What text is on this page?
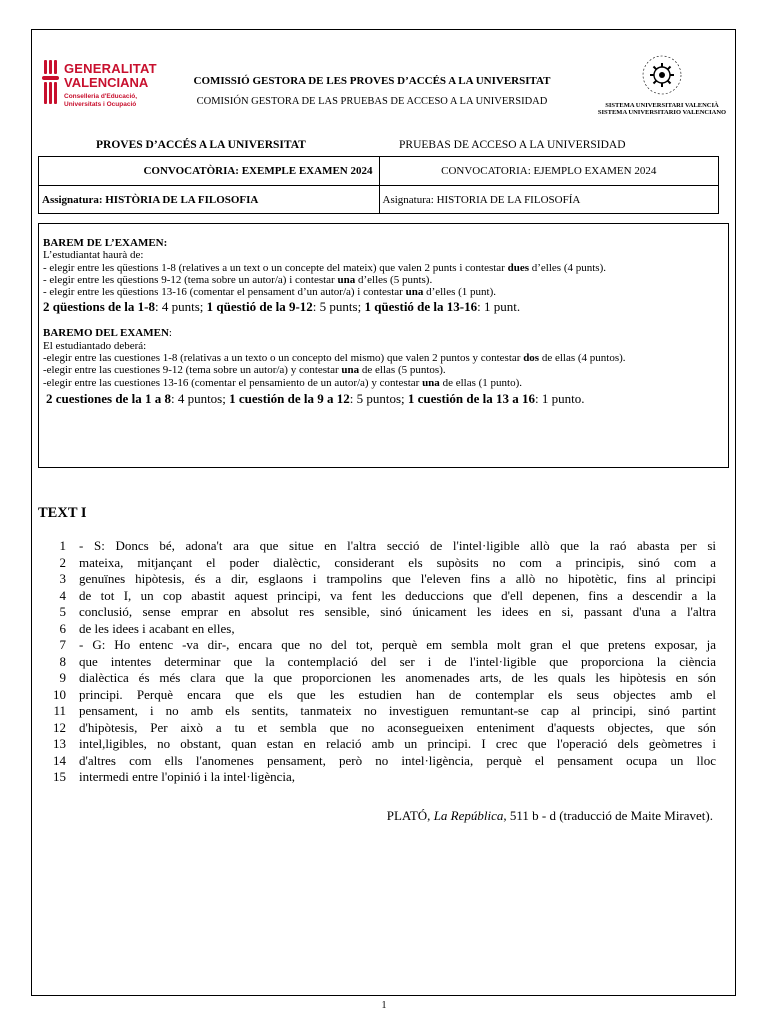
GENERALITAT
VALENCIANA
Conselleria d'Educació,
Universitats i Ocupació
COMISSIÓ GESTORA DE LES PROVES D’ACCÉS A LA UNIVERSITAT
COMISIÓN GESTORA DE LAS PRUEBAS DE ACCESO A LA UNIVERSIDAD	SISTEMA UNIVERSITARI VALENCIÀ
SISTEMA UNIVERSITARIO VALENCIANO
PROVES D’ACCÉS A LA UNIVERSITAT	PRUEBAS DE ACCESO A LA UNIVERSIDAD
CONVOCATÒRIA: EXEMPLE EXAMEN 2024	CONVOCATORIA: EJEMPLO EXAMEN 2024
Assignatura: HISTÒRIA DE LA FILOSOFIA	Asignatura: HISTORIA DE LA FILOSOFÍA
BAREM DE L’EXAMEN:
L’estudiantat haurà de:
- elegir entre les qüestions 1-8 (relatives a un text o un concepte del mateix) que valen 2 punts i contestar dues d’elles (4 punts).
- elegir entre les qüestions 9-12 (tema sobre un autor/a) i contestar una d’elles (5 punts).
- elegir entre les qüestions 13-16 (comentar el pensament d’un autor/a) i contestar una d’elles (1 punt).
2 qüestions de la 1-8: 4 punts; 1 qüestió de la 9-12: 5 punts; 1 qüestió de la 13-16: 1 punt.
BAREMO DEL EXAMEN:
El estudiantado deberá:
-elegir entre las cuestiones 1-8 (relativas a un texto o un concepto del mismo) que valen 2 puntos y contestar dos de ellas (4 puntos).
-elegir entre las cuestiones 9-12 (tema sobre un autor/a) y contestar una de ellas (5 puntos).
-elegir entre las cuestiones 13-16 (comentar el pensamiento de un autor/a) y contestar una de ellas (1 punto).
2 cuestiones de la 1 a 8: 4 puntos; 1 cuestión de la 9 a 12: 5 puntos; 1 cuestión de la 13 a 16: 1 punto.
TEXT I
1 - S: Doncs bé, adona't ara que situe en l'altra secció de l'intel·ligible allò que la raó abasta per si
2 mateixa, mitjançant el poder dialèctic, considerant els supòsits no com a principis, sinó com a
3 genuïnes hipòtesis, és a dir, esglaons i trampolins que l'eleven fins a allò no hipotètic, fins al principi
4 de tot I, un cop abastit aquest principi, va fent les deduccions que d'ell depenen, fins a descendir a la
5 conclusió, sense emprar en absolut res sensible, sinó únicament les idees en si, passant d'una a l'altra
6 de les idees i acabant en elles,
7 - G: Ho entenc -va dir-, encara que no del tot, perquè em sembla molt gran el que pretens exposar, ja
8 que intentes determinar que la contemplació del ser i de l'intel·ligible que proporciona la ciència
9 dialèctica és més clara que la que proporcionen les anomenades arts, de les quals les hipòtesis en són
10 principi. Perquè encara que els que les estudien han de contemplar els seus objectes amb el
11 pensament, i no amb els sentits, tanmateix no investiguen remuntant-se cap al principi, sinó partint
12 d'hipòtesis, Per això a tu et sembla que no aconsegueixen enteniment d'aquests objectes, que són
13 intel,ligibles, no obstant, quan estan en relació amb un principi. I crec que l'operació dels geòmetres i
14 d'altres com ells l'anomenes pensament, però no intel·ligència, perquè el pensament ocupa un lloc
15 intermedi entre l'opinió i la intel·ligència,
PLATÓ, La República, 511 b - d (traducció de Maite Miravet).
1
